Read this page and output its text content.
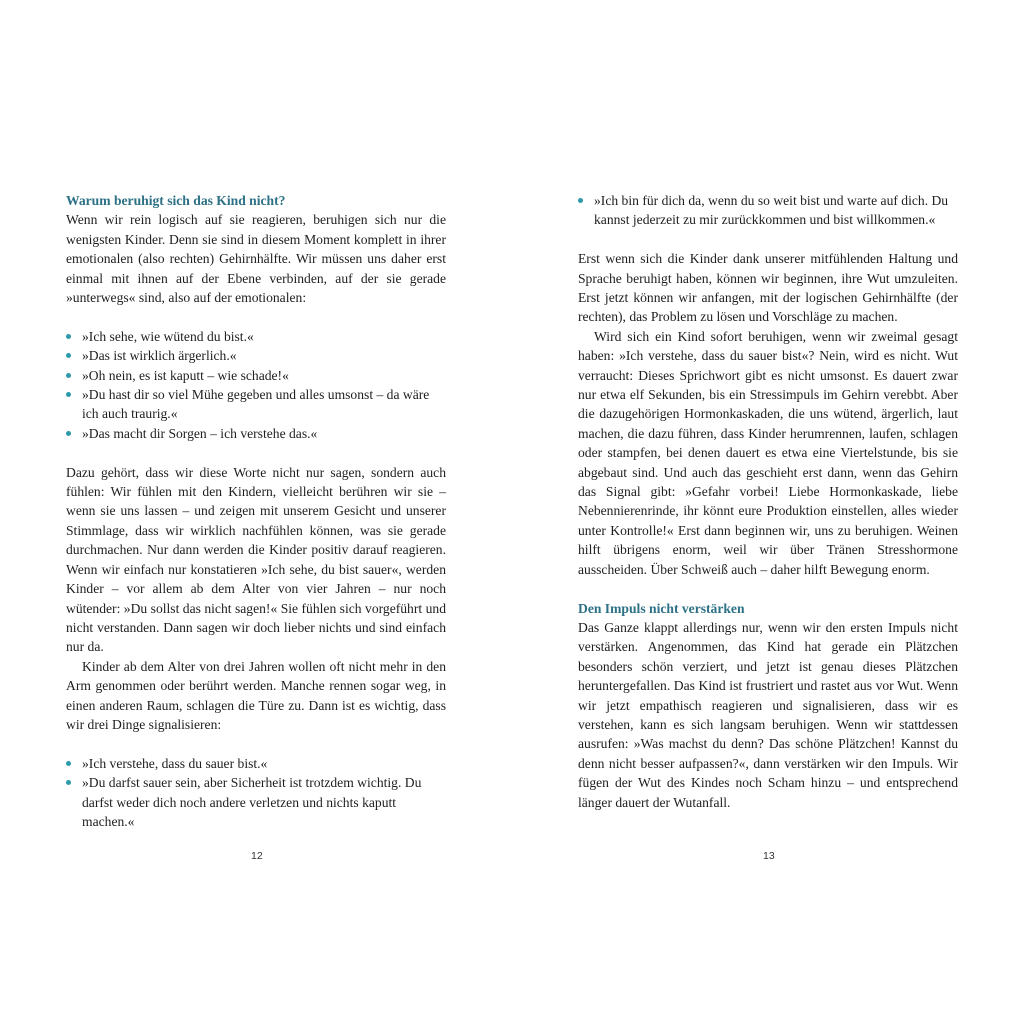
Warum beruhigt sich das Kind nicht?

Wenn wir rein logisch auf sie reagieren, beruhigen sich nur die wenigsten Kinder. Denn sie sind in diesem Moment komplett in ihrer emotionalen (also rechten) Gehirnhälfte. Wir müssen uns daher erst einmal mit ihnen auf der Ebene verbinden, auf der sie gerade »unterwegs« sind, also auf der emotionalen:

»Ich sehe, wie wütend du bist.«
»Das ist wirklich ärgerlich.«
»Oh nein, es ist kaputt – wie schade!«
»Du hast dir so viel Mühe gegeben und alles umsonst – da wäre ich auch traurig.«
»Das macht dir Sorgen – ich verstehe das.«

Dazu gehört, dass wir diese Worte nicht nur sagen, sondern auch fühlen: Wir fühlen mit den Kindern, vielleicht berühren wir sie – wenn sie uns lassen – und zeigen mit unserem Gesicht und unserer Stimmlage, dass wir wirklich nachfühlen können, was sie gerade durchmachen. Nur dann werden die Kinder positiv darauf reagieren. Wenn wir einfach nur konstatieren »Ich sehe, du bist sauer«, werden Kinder – vor allem ab dem Alter von vier Jahren – nur noch wütender: »Du sollst das nicht sagen!« Sie fühlen sich vorgeführt und nicht verstanden. Dann sagen wir doch lieber nichts und sind einfach nur da.

Kinder ab dem Alter von drei Jahren wollen oft nicht mehr in den Arm genommen oder berührt werden. Manche rennen sogar weg, in einen anderen Raum, schlagen die Türe zu. Dann ist es wichtig, dass wir drei Dinge signalisieren:

»Ich verstehe, dass du sauer bist.«
»Du darfst sauer sein, aber Sicherheit ist trotzdem wichtig. Du darfst weder dich noch andere verletzen und nichts kaputt machen.«
12
»Ich bin für dich da, wenn du so weit bist und warte auf dich. Du kannst jederzeit zu mir zurückkommen und bist willkommen.«

Erst wenn sich die Kinder dank unserer mitfühlenden Haltung und Sprache beruhigt haben, können wir beginnen, ihre Wut umzuleiten. Erst jetzt können wir anfangen, mit der logischen Gehirnhälfte (der rechten), das Problem zu lösen und Vorschläge zu machen.

Wird sich ein Kind sofort beruhigen, wenn wir zweimal gesagt haben: »Ich verstehe, dass du sauer bist«? Nein, wird es nicht. Wut verraucht: Dieses Sprichwort gibt es nicht umsonst. Es dauert zwar nur etwa elf Sekunden, bis ein Stressimpuls im Gehirn verebbt. Aber die dazugehörigen Hormonkaskaden, die uns wütend, ärgerlich, laut machen, die dazu führen, dass Kinder herumrennen, laufen, schlagen oder stampfen, bei denen dauert es etwa eine Viertelstunde, bis sie abgebaut sind. Und auch das geschieht erst dann, wenn das Gehirn das Signal gibt: »Gefahr vorbei! Liebe Hormonkaskade, liebe Nebennierenrinde, ihr könnt eure Produktion einstellen, alles wieder unter Kontrolle!« Erst dann beginnen wir, uns zu beruhigen. Weinen hilft übrigens enorm, weil wir über Tränen Stresshormone ausscheiden. Über Schweiß auch – daher hilft Bewegung enorm.

Den Impuls nicht verstärken

Das Ganze klappt allerdings nur, wenn wir den ersten Impuls nicht verstärken. Angenommen, das Kind hat gerade ein Plätzchen besonders schön verziert, und jetzt ist genau dieses Plätzchen heruntergefallen. Das Kind ist frustriert und rastet aus vor Wut. Wenn wir jetzt empathisch reagieren und signalisieren, dass wir es verstehen, kann es sich langsam beruhigen. Wenn wir stattdessen ausrufen: »Was machst du denn? Das schöne Plätzchen! Kannst du denn nicht besser aufpassen?«, dann verstärken wir den Impuls. Wir fügen der Wut des Kindes noch Scham hinzu – und entsprechend länger dauert der Wutanfall.

13
